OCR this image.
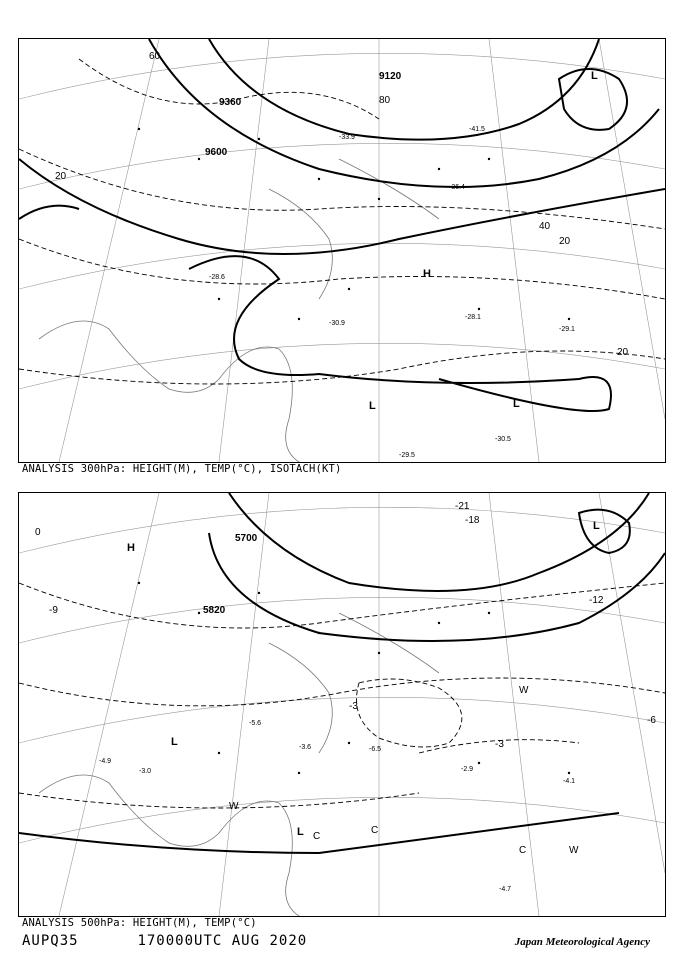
9360
9600
9120
60
80
40
20
20
20
H
L	L
L
-28.6
-30.9
-29.1
-28.1
-30.5
-33.9
-36.4
-41.5
-29.5
ANALYSIS 300hPa: HEIGHT(M), TEMP(°C), ISOTACH(KT)
5700
5820
-21
-18
-12
-6
-3
0
-3
-9
H
L
L
L
W
W
W
C
C
C
-3.0
-4.9
-6.5
-4.1
-2.9
-4.7
-5.6
-3.6
ANALYSIS 500hPa: HEIGHT(M), TEMP(°C)
AUPQ35	170000UTC AUG 2020	Japan Meteorological Agency
